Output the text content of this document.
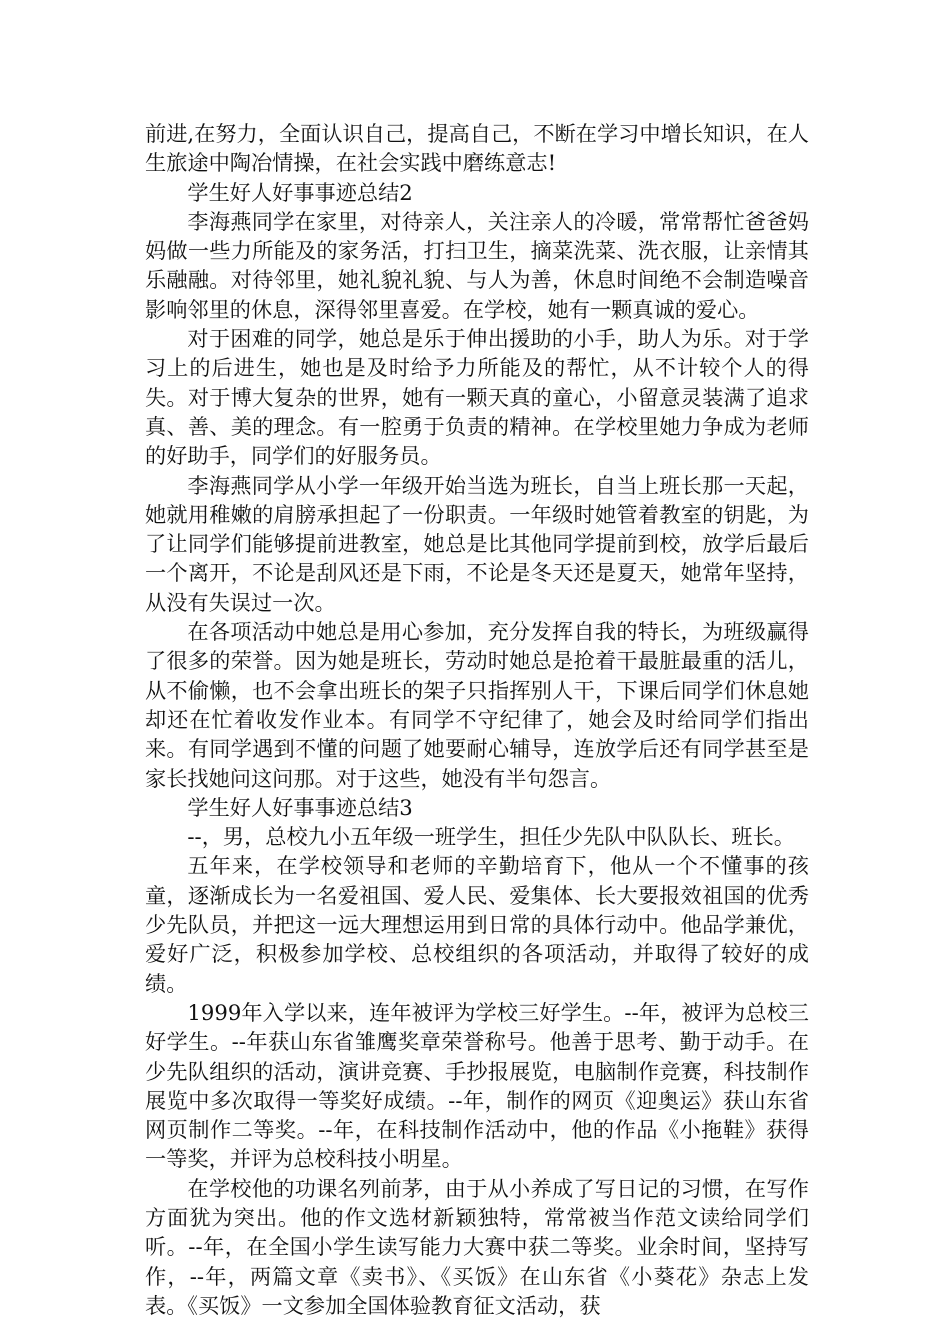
前进,在努力，全面认识自己，提高自己，不断在学习中增长知识，在人生旅途中陶冶情操，在社会实践中磨练意志!

学生好人好事事迹总结2

李海燕同学在家里，对待亲人，关注亲人的冷暖，常常帮忙爸爸妈妈做一些力所能及的家务活，打扫卫生，摘菜洗菜、洗衣服，让亲情其乐融融。对待邻里，她礼貌礼貌、与人为善，休息时间绝不会制造噪音影响邻里的休息，深得邻里喜爱。在学校，她有一颗真诚的爱心。

对于困难的同学，她总是乐于伸出援助的小手，助人为乐。对于学习上的后进生，她也是及时给予力所能及的帮忙，从不计较个人的得失。对于博大复杂的世界，她有一颗天真的童心，小留意灵装满了追求真、善、美的理念。有一腔勇于负责的精神。在学校里她力争成为老师的好助手，同学们的好服务员。

李海燕同学从小学一年级开始当选为班长，自当上班长那一天起，她就用稚嫩的肩膀承担起了一份职责。一年级时她管着教室的钥匙，为了让同学们能够提前进教室，她总是比其他同学提前到校，放学后最后一个离开，不论是刮风还是下雨，不论是冬天还是夏天，她常年坚持，从没有失误过一次。

在各项活动中她总是用心参加，充分发挥自我的特长，为班级赢得了很多的荣誉。因为她是班长，劳动时她总是抢着干最脏最重的活儿，从不偷懒，也不会拿出班长的架子只指挥别人干，下课后同学们休息她却还在忙着收发作业本。有同学不守纪律了，她会及时给同学们指出来。有同学遇到不懂的问题了她要耐心辅导，连放学后还有同学甚至是家长找她问这问那。对于这些，她没有半句怨言。

学生好人好事事迹总结3

--，男，总校九小五年级一班学生，担任少先队中队队长、班长。

五年来，在学校领导和老师的辛勤培育下，他从一个不懂事的孩童，逐渐成长为一名爱祖国、爱人民、爱集体、长大要报效祖国的优秀少先队员，并把这一远大理想运用到日常的具体行动中。他品学兼优，爱好广泛，积极参加学校、总校组织的各项活动，并取得了较好的成绩。

1999年入学以来，连年被评为学校三好学生。--年，被评为总校三好学生。--年获山东省雏鹰奖章荣誉称号。他善于思考、勤于动手。在少先队组织的活动，演讲竞赛、手抄报展览，电脑制作竞赛，科技制作展览中多次取得一等奖好成绩。--年，制作的网页《迎奥运》获山东省网页制作二等奖。--年，在科技制作活动中，他的作品《小拖鞋》获得一等奖，并评为总校科技小明星。

在学校他的功课名列前茅，由于从小养成了写日记的习惯，在写作方面犹为突出。他的作文选材新颖独特，常常被当作范文读给同学们听。--年，在全国小学生读写能力大赛中获二等奖。业余时间，坚持写作，--年，两篇文章《卖书》、《买饭》在山东省《小葵花》杂志上发表。《买饭》一文参加全国体验教育征文活动，获
